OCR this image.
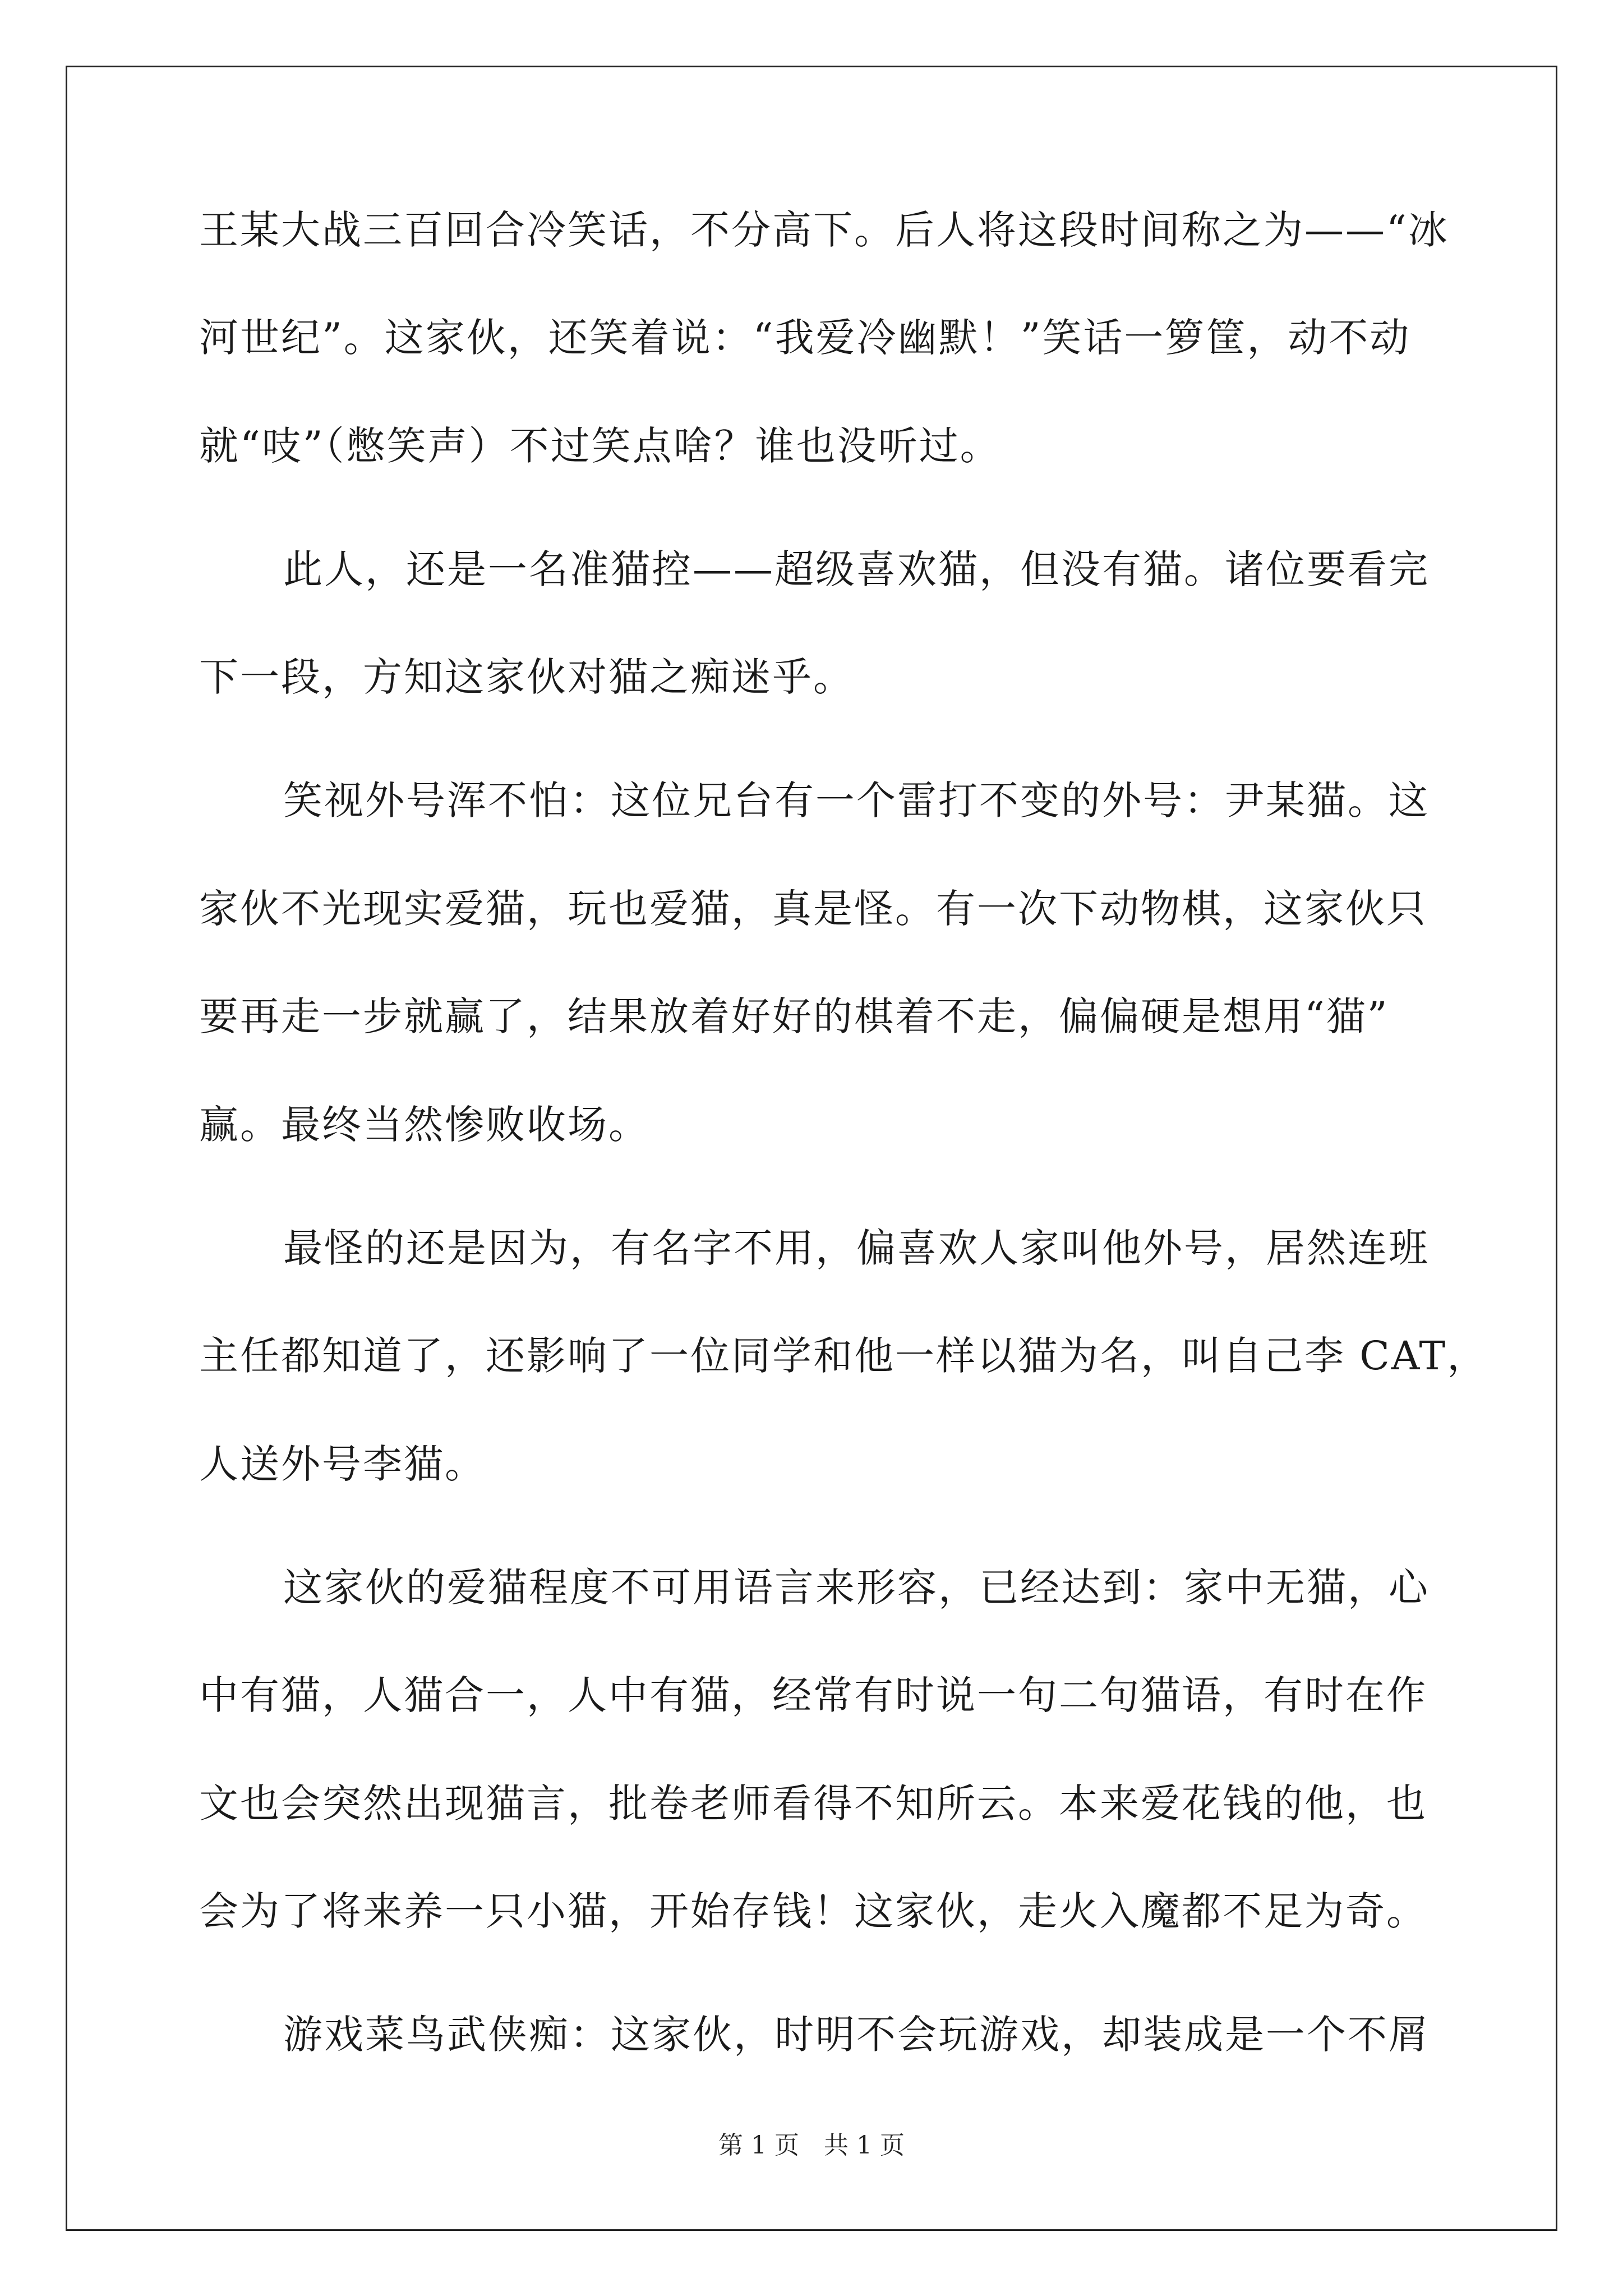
王某大战三百回合冷笑话，不分高下。后人将这段时间称之为——“冰
河世纪”。这家伙，还笑着说：“我爱冷幽默！”笑话一箩筐，动不动
就“吱”（憋笑声）不过笑点啥？谁也没听过。
此人，还是一名准猫控——超级喜欢猫，但没有猫。诸位要看完
下一段，方知这家伙对猫之痴迷乎。
笑视外号浑不怕：这位兄台有一个雷打不变的外号：尹某猫。这
家伙不光现实爱猫，玩也爱猫，真是怪。有一次下动物棋，这家伙只
要再走一步就赢了，结果放着好好的棋着不走，偏偏硬是想用“猫”
赢。最终当然惨败收场。
最怪的还是因为，有名字不用，偏喜欢人家叫他外号，居然连班
主任都知道了，还影响了一位同学和他一样以猫为名，叫自己李 CAT，
人送外号李猫。
这家伙的爱猫程度不可用语言来形容，已经达到：家中无猫，心
中有猫，人猫合一，人中有猫，经常有时说一句二句猫语，有时在作
文也会突然出现猫言，批卷老师看得不知所云。本来爱花钱的他，也
会为了将来养一只小猫，开始存钱！这家伙，走火入魔都不足为奇。
游戏菜鸟武侠痴：这家伙，时明不会玩游戏，却装成是一个不屑
第 1 页　共 1 页
